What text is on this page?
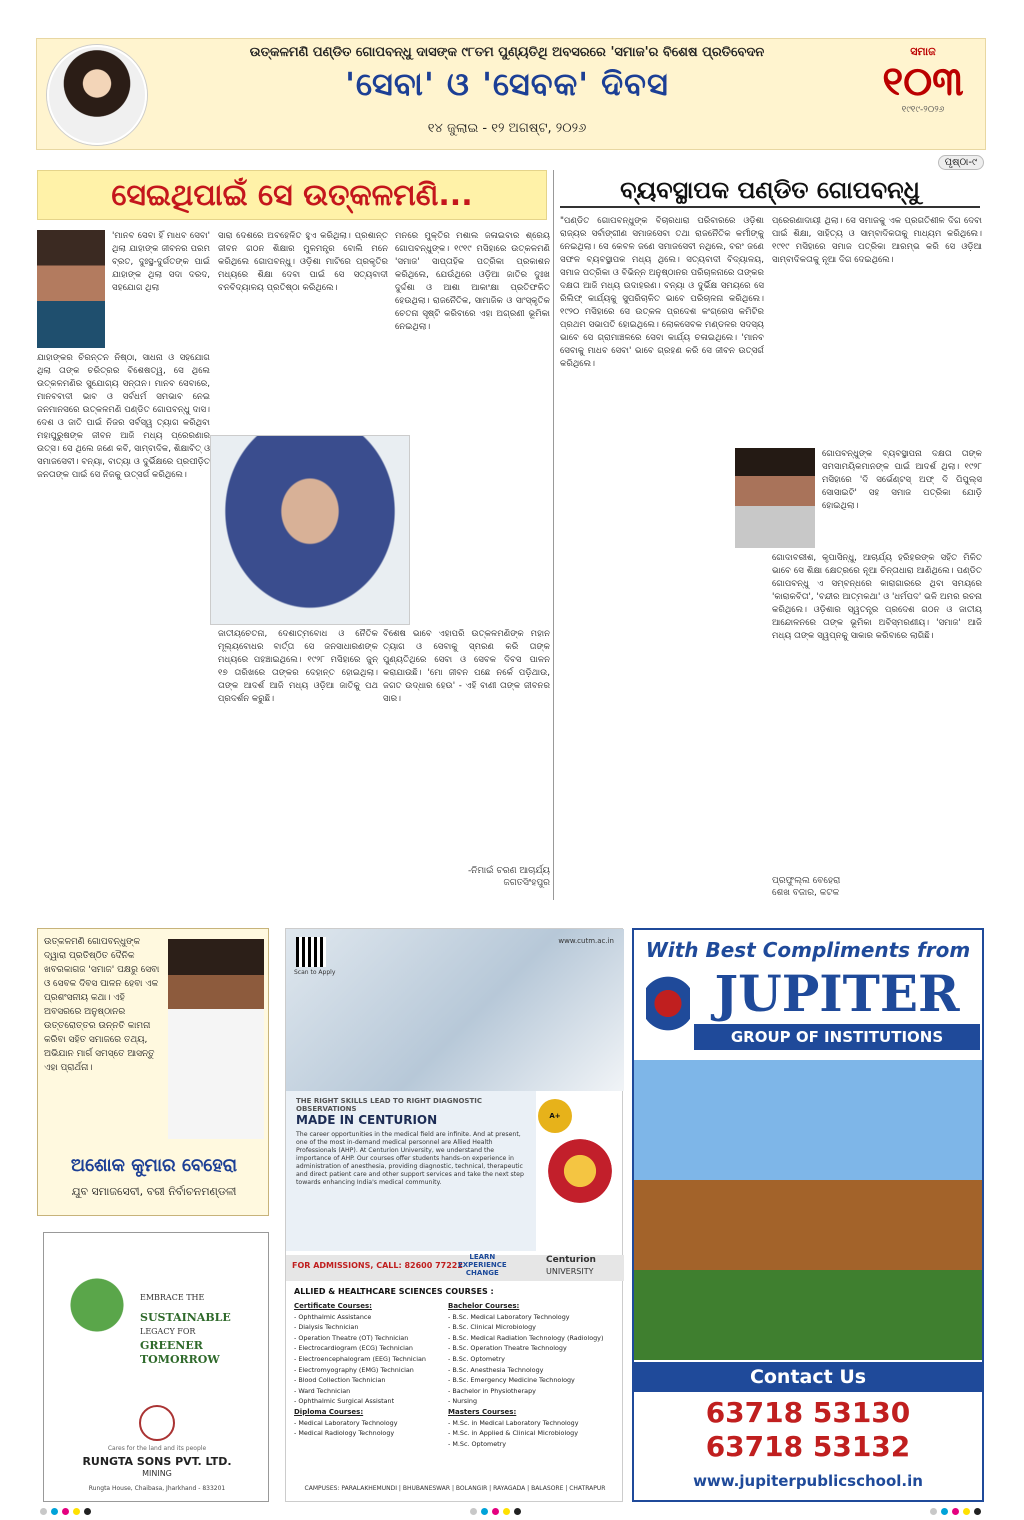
ଉତ୍କଳମଣି ପଣ୍ଡିତ ଗୋପବନ୍ଧୁ ଦାସଙ୍କ ୯୮ତମ ପୁଣ୍ୟତିଥି ଅବସରରେ 'ସମାଜ'ର ବିଶେଷ ପ୍ରତିବେଦନ
'ସେବା' ଓ 'ସେବକ' ଦିବସ
୧୪ ଜୁଲାଇ - ୧୨ ଅଗଷ୍ଟ, ୨୦୨୬
ସମାଜ
୧୦୩
୧୯୧୯-୨୦୨୬
ପୃଷ୍ଠା-୯
ସେଇଥିପାଇଁ ସେ ଉତ୍କଳମଣି...
'ମାନବ ସେବା ହିଁ ମାଧବ ସେବା' ଥିଲା ଯାହାଙ୍କ ଜୀବନର ପରମ ବ୍ରତ, ଦୁଃସ୍ଥ-ଦୁର୍ଗତଙ୍କ ପାଇଁ ଯାହାଙ୍କ ଥିଲା ସଦା ଦରଦ, ସହଯୋଗ ଥିଲା
ଯାହାଙ୍କର ଚିରନ୍ତନ ନିଷ୍ଠା, ସାଧନା ଓ ସହଯୋଗ ଥିଲା ତାଙ୍କ ଚରିତ୍ରର ବିଶେଷତ୍ୱ, ସେ ଥିଲେ ଉତ୍କଳମଣିର ସୁଯୋଗ୍ୟ ସନ୍ତାନ। ମାନବ ସେବାରେ, ମାନବବାଦୀ ଭାବ ଓ ସର୍ବଧର୍ମ ସମଭାବ ନେଇ ଜନମାନସରେ ଉତ୍କଳମଣି ପଣ୍ଡିତ ଗୋପବନ୍ଧୁ ଦାସ। ଦେଶ ଓ ଜାତି ପାଇଁ ନିଜର ସର୍ବସ୍ୱ ତ୍ୟାଗ କରିଥିବା ମହାପୁରୁଷଙ୍କ ଜୀବନ ଆଜି ମଧ୍ୟ ପ୍ରେରଣାର ଉତ୍ସ। ସେ ଥିଲେ ଜଣେ କବି, ସାମ୍ବାଦିକ, ଶିକ୍ଷାବିତ୍ ଓ ସମାଜସେବୀ। ବନ୍ୟା, ବାତ୍ୟା ଓ ଦୁର୍ଭିକ୍ଷରେ ପ୍ରପୀଡ଼ିତ ଜନତାଙ୍କ ପାଇଁ ସେ ନିଜକୁ ଉତ୍ସର୍ଗ କରିଥିଲେ।
ସାରା ଦେଶରେ ଅବହେଳିତ ହୁଏ କରିଥିଲା। ପ୍ରଶାନ୍ତ ଜୀବନ ଗଠନ ଶିକ୍ଷାର ମୁଳମନ୍ତ୍ର ବୋଲି ମନେ କରିଥିଲେ ଗୋପବନ୍ଧୁ। ଓଡ଼ିଶା ମାଟିରେ ପ୍ରକୃତିର ମଧ୍ୟରେ ଶିକ୍ଷା ଦେବା ପାଇଁ ସେ ସତ୍ୟବାଦୀ ବନବିଦ୍ୟାଳୟ ପ୍ରତିଷ୍ଠା କରିଥିଲେ।
ମନରେ ମୁକ୍ତିର ମଶାଲ ଜଳାଇବାର ଶ୍ରେୟ ଗୋପବନ୍ଧୁଙ୍କ। ୧୯୧୯ ମସିହାରେ ଉତ୍କଳମଣି 'ସମାଜ' ସାପ୍ତାହିକ ପତ୍ରିକା ପ୍ରକାଶନ କରିଥିଲେ, ଯେଉଁଥିରେ ଓଡ଼ିଆ ଜାତିର ଦୁଃଖ ଦୁର୍ଦ୍ଦଶା ଓ ଆଶା ଆକାଂକ୍ଷା ପ୍ରତିଫଳିତ ହେଉଥିଲା। ରାଜନୈତିକ, ସାମାଜିକ ଓ ସାଂସ୍କୃତିକ ଚେତନା ସୃଷ୍ଟି କରିବାରେ ଏହା ଅଗ୍ରଣୀ ଭୂମିକା ନେଇଥିଲା।
ଜାତୀୟଚେତନା, ଦେଶାତ୍ମବୋଧ ଓ ନୈତିକ ମୂଲ୍ୟବୋଧର ବାର୍ତ୍ତା ସେ ଜନସାଧାରଣଙ୍କ ମଧ୍ୟରେ ପହଞ୍ଚାଇଥିଲେ। ୧୯୨୮ ମସିହାରେ ଜୁନ୍ ୧୭ ତାରିଖରେ ତାଙ୍କର ଦେହାନ୍ତ ହୋଇଥିଲା। ତାଙ୍କ ଆଦର୍ଶ ଆଜି ମଧ୍ୟ ଓଡ଼ିଆ ଜାତିକୁ ପଥ ପ୍ରଦର୍ଶନ କରୁଛି।
ବିଶେଷ ଭାବେ ଏହାପରି ଉତ୍କଳମଣିଙ୍କ ମହାନ ତ୍ୟାଗ ଓ ସେବାକୁ ସ୍ମରଣ କରି ତାଙ୍କ ପୁଣ୍ୟତିଥିରେ ସେବା ଓ ସେବକ ଦିବସ ପାଳନ କରାଯାଉଛି। 'ମୋ ଜୀବନ ପଛେ ନର୍କେ ପଡ଼ିଥାଉ, ଜଗତ ଉଦ୍ଧାର ହେଉ' - ଏହି ବାଣୀ ତାଙ୍କ ଜୀବନର ସାର।
-ନିମାଇଁ ଚରଣ ଆଚାର୍ଯ୍ୟ
ଜଗତସିଂହପୁର
ବ୍ୟବସ୍ଥାପକ ପଣ୍ଡିତ ଗୋପବନ୍ଧୁ
"ପଣ୍ଡିତ ଗୋପବନ୍ଧୁଙ୍କ ବିଚାରଧାରା ପରିବାରରେ ଓଡ଼ିଶା ରାଜ୍ୟର ସର୍ବାଙ୍ଗୀଣ ସମାଜସେବା ତଥା ରାଜନୈତିକ କର୍ମୀଙ୍କୁ ନେଇଥିଲା। ସେ କେବଳ ଜଣେ ସମାଜସେବୀ ନଥିଲେ, ବରଂ ଜଣେ ସଫଳ ବ୍ୟବସ୍ଥାପକ ମଧ୍ୟ ଥିଲେ। ସତ୍ୟବାଦୀ ବିଦ୍ୟାଳୟ, ସମାଜ ପତ୍ରିକା ଓ ବିଭିନ୍ନ ଅନୁଷ୍ଠାନର ପରିଚାଳନାରେ ତାଙ୍କର ଦକ୍ଷତା ଆଜି ମଧ୍ୟ ଉଦାହରଣ। ବନ୍ୟା ଓ ଦୁର୍ଭିକ୍ଷ ସମୟରେ ସେ ରିଲିଫ୍ କାର୍ଯ୍ୟକୁ ସୁପରିଚାଳିତ ଭାବେ ପରିଚାଳନା କରିଥିଲେ। ୧୯୨୦ ମସିହାରେ ସେ ଉତ୍କଳ ପ୍ରଦେଶ କଂଗ୍ରେସ କମିଟିର ପ୍ରଥମ ସଭାପତି ହୋଇଥିଲେ। ଲୋକସେବକ ମଣ୍ଡଳର ସଦସ୍ୟ ଭାବେ ସେ ଗ୍ରାମାଞ୍ଚଳରେ ସେବା କାର୍ଯ୍ୟ ଚଳାଇଥିଲେ। 'ମାନବ ସେବାକୁ ମାଧବ ସେବା' ଭାବେ ଗ୍ରହଣ କରି ସେ ଜୀବନ ଉତ୍ସର୍ଗ କରିଥିଲେ।
ପ୍ରେରଣାଦାୟୀ ଥିଲା। ସେ ସମାଜକୁ ଏକ ପ୍ରଗତିଶୀଳ ଦିଗ ଦେବା ପାଇଁ ଶିକ୍ଷା, ସାହିତ୍ୟ ଓ ସାମ୍ବାଦିକତାକୁ ମାଧ୍ୟମ କରିଥିଲେ। ୧୯୧୯ ମସିହାରେ ସମାଜ ପତ୍ରିକା ଆରମ୍ଭ କରି ସେ ଓଡ଼ିଆ ସାମ୍ବାଦିକତାକୁ ନୂଆ ଦିଗ ଦେଇଥିଲେ।
ଗୋପବନ୍ଧୁଙ୍କ ବ୍ୟବସ୍ଥାପନା ଦକ୍ଷତା ତାଙ୍କ ସମସାମୟିକମାନଙ୍କ ପାଇଁ ଆଦର୍ଶ ଥିଲା। ୧୯୨୮ ମସିହାରେ 'ଦି ସର୍ଭେଣ୍ଟସ୍ ଅଫ୍ ଦି ପିପୁଲ୍ସ ସୋସାଇଟି' ସହ ସମାଜ ପତ୍ରିକା ଯୋଡ଼ି ହୋଇଥିଲା।
ଗୋଦାବରୀଶ, କୃପାସିନ୍ଧୁ, ଆଚାର୍ଯ୍ୟ ହରିହରଙ୍କ ସହିତ ମିଳିତ ଭାବେ ସେ ଶିକ୍ଷା କ୍ଷେତ୍ରରେ ନୂଆ ଚିନ୍ତାଧାରା ଆଣିଥିଲେ। ପଣ୍ଡିତ ଗୋପବନ୍ଧୁ ଏ ସମ୍ବନ୍ଧରେ କାରାଗାରରେ ଥିବା ସମୟରେ 'କାରାକବିତା', 'ବନ୍ଦୀର ଆତ୍ମକଥା' ଓ 'ଧର୍ମପଦ' ଭଳି ଅମର ରଚନା କରିଥିଲେ। ଓଡ଼ିଶାର ସ୍ୱତନ୍ତ୍ର ପ୍ରଦେଶ ଗଠନ ଓ ଜାତୀୟ ଆନ୍ଦୋଳନରେ ତାଙ୍କ ଭୂମିକା ଅବିସ୍ମରଣୀୟ। 'ସମାଜ' ଆଜି ମଧ୍ୟ ତାଙ୍କ ସ୍ୱପ୍ନକୁ ସାକାର କରିବାରେ ଲାଗିଛି।
ପ୍ରଫୁଲ୍ଲ ବେହେରା
ଶେଖ ବଜାର, କଟକ
ଉତ୍କଳମଣି ଗୋପବନ୍ଧୁଙ୍କ ଦ୍ୱାରା ପ୍ରତିଷ୍ଠିତ ଦୈନିକ ଖବରକାଗଜ 'ସମାଜ' ପକ୍ଷରୁ ସେବା ଓ ସେବକ ଦିବସ ପାଳନ ହେବା ଏକ ପ୍ରଶଂସନୀୟ କଥା। ଏହି ଅବସରରେ ଅନୁଷ୍ଠାନର ଉତ୍ତରୋତ୍ତର ଉନ୍ନତି କାମନା କରିବା ସହିତ ସମାଜରେ ତଥ୍ୟ, ଅଭିଯାନ ମାର୍ଗ ସମସ୍ତେ ଆସନ୍ତୁ ଏହା ପ୍ରାର୍ଥନା।
ଅଶୋକ କୁମାର ବେହେରା
ଯୁବ ସମାଜସେବୀ, ବରୀ ନିର୍ବାଚନମଣ୍ଡଳୀ
EMBRACE THE
SUSTAINABLE
LEGACY FOR
GREENER
TOMORROW
Cares for the land and its people
RUNGTA SONS PVT. LTD.
MINING
Rungta House, Chaibasa, Jharkhand - 833201
Scan to Apply
www.cutm.ac.in
THE RIGHT SKILLS LEAD TO RIGHT DIAGNOSTIC OBSERVATIONS
MADE IN CENTURION
The career opportunities in the medical field are infinite. And at present, one of the most in-demand medical personnel are Allied Health Professionals (AHP). At Centurion University, we understand the importance of AHP. Our courses offer students hands-on experience in administration of anesthesia, providing diagnostic, technical, therapeutic and direct patient care and other support services and take the next step towards enhancing India's medical community.
A+
FOR ADMISSIONS, CALL: 82600 77222
LEARN
EXPERIENCE
CHANGE
Centurion
UNIVERSITY
ALLIED & HEALTHCARE SCIENCES COURSES :
Certificate Courses:
- Ophthalmic Assistance
- Dialysis Technician
- Operation Theatre (OT) Technician
- Electrocardiogram (ECG) Technician
- Electroencephalogram (EEG) Technician
- Electromyography (EMG) Technician
- Blood Collection Technician
- Ward Technician
- Ophthalmic Surgical Assistant
Diploma Courses:
- Medical Laboratory Technology
- Medical Radiology Technology
Bachelor Courses:
- B.Sc. Medical Laboratory Technology
- B.Sc. Clinical Microbiology
- B.Sc. Medical Radiation Technology (Radiology)
- B.Sc. Operation Theatre Technology
- B.Sc. Optometry
- B.Sc. Anesthesia Technology
- B.Sc. Emergency Medicine Technology
- Bachelor in Physiotherapy
- Nursing
Masters Courses:
- M.Sc. in Medical Laboratory Technology
- M.Sc. in Applied & Clinical Microbiology
- M.Sc. Optometry
CAMPUSES: PARALAKHEMUNDI | BHUBANESWAR | BOLANGIR | RAYAGADA | BALASORE | CHATRAPUR
With Best Compliments from
JUPITER
GROUP OF INSTITUTIONS
Contact Us
63718 53130
63718 53132
www.jupiterpublicschool.in
